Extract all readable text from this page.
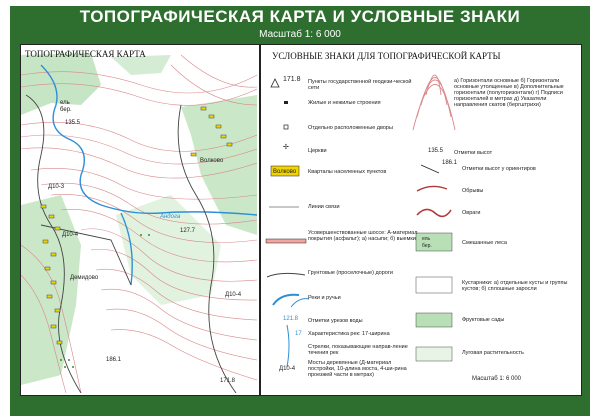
ТОПОГРАФИЧЕСКАЯ КАРТА И УСЛОВНЫЕ ЗНАКИ
Масштаб 1: 6 000
ТОПОГРАФИЧЕСКАЯ КАРТА
ель
бер.
135.5
Волково
Д10-3
Андога
Д10-4
127.7
Демидово
Д10-4
186.1
171.8
УСЛОВНЫЕ ЗНАКИ ДЛЯ ТОПОГРАФИЧЕСКОЙ КАРТЫ
✢
171.8 Пункты государственной геодези-ческой сети
Жилые и нежилые строения
Отдельно расположенные дворы
Церкви
Волково Кварталы населенных пунктов
Линии связи
Усовершенствованные шоссе: А-материал покрытия (асфальт); а) насыпи; б) выемки
Грунтовые (проселочные) дороги
Реки и ручьи
Отметки урезов воды
121.8
17 Характеристика рек: 17-ширина
Стрелки, показывающие направ-ление течения рек
Д10-4
Мосты деревянные (Д-материал постройки, 10-длина моста, 4-ши-рина проезжей части в метрах)
а) Горизонтали основные б) Горизонтали основные утолщенные в) Дополнительные горизонтали (полугоризонтали) г) Подписи горизонталей в метрах д) Указатели направления скатов (бергштрихи)
135.5 Отметки высот
186.1
Отметки высот у ориентиров
Обрывы
Овраги
ель
бер.	Смешанные леса
Кустарники: а) отдельные кусты и группы кустов; б) сплошные заросли
Фруктовые сады
Луговая растительность
Масштаб 1: 6 000
